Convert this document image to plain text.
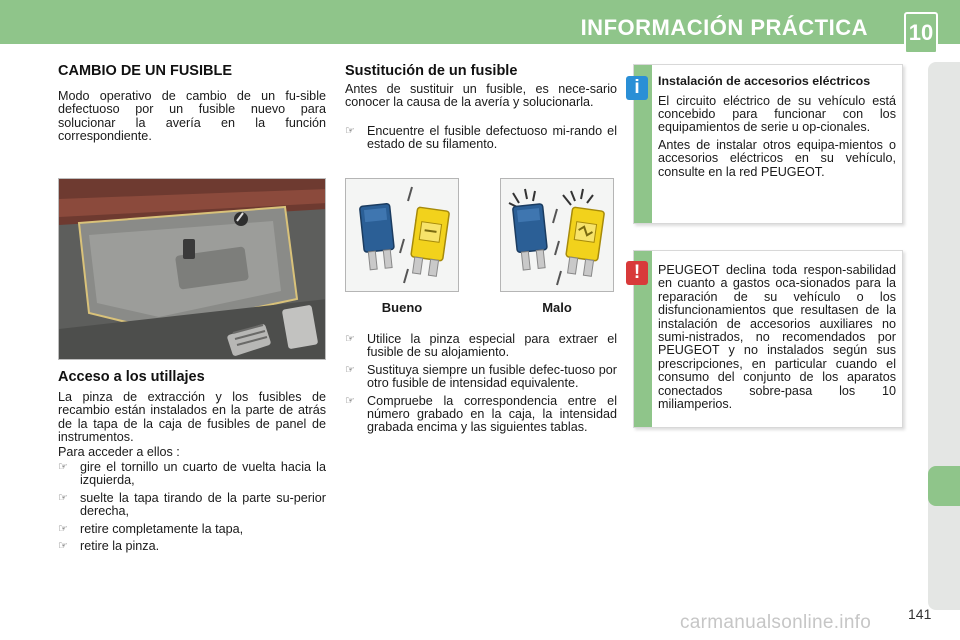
INFORMACIÓN PRÁCTICA 10
CAMBIO DE UN FUSIBLE

Modo operativo de cambio de un fu-sible defectuoso por un fusible nuevo para solucionar la avería en la función correspondiente.

Acceso a los utillajes

La pinza de extracción y los fusibles de recambio están instalados en la parte de atrás de la tapa de la caja de fusibles de panel de instrumentos.

Para acceder a ellos :

☞ gire el tornillo un cuarto de vuelta hacia la izquierda,
☞ suelte la tapa tirando de la parte su-perior derecha,
☞ retire completamente la tapa,
☞ retire la pinza.
Sustitución de un fusible

Antes de sustituir un fusible, es nece-sario conocer la causa de la avería y solucionarla.

☞ Encuentre el fusible defectuoso mi-rando el estado de su filamento.
Bueno	Malo
☞ Utilice la pinza especial para extraer el fusible de su alojamiento.
☞ Sustituya siempre un fusible defec-tuoso por otro fusible de intensidad equivalente.
☞ Compruebe la correspondencia entre el número grabado en la caja, la intensidad grabada encima y las siguientes tablas.

Instalación de accesorios eléctricos

El circuito eléctrico de su vehículo está concebido para funcionar con los equipamientos de serie u op-cionales.

Antes de instalar otros equipa-mientos o accesorios eléctricos en su vehículo, consulte en la red PEUGEOT.

i

PEUGEOT declina toda respon-sabilidad en cuanto a gastos oca-sionados para la reparación de su vehículo o los disfuncionamientos que resultasen de la instalación de accesorios auxiliares no sumi-nistrados, no recomendados por PEUGEOT y no instalados según sus prescripciones, en particular cuando el consumo del conjunto de los aparatos conectados sobre-pasa los 10 miliamperios.

!
141
carmanualsonline.info
